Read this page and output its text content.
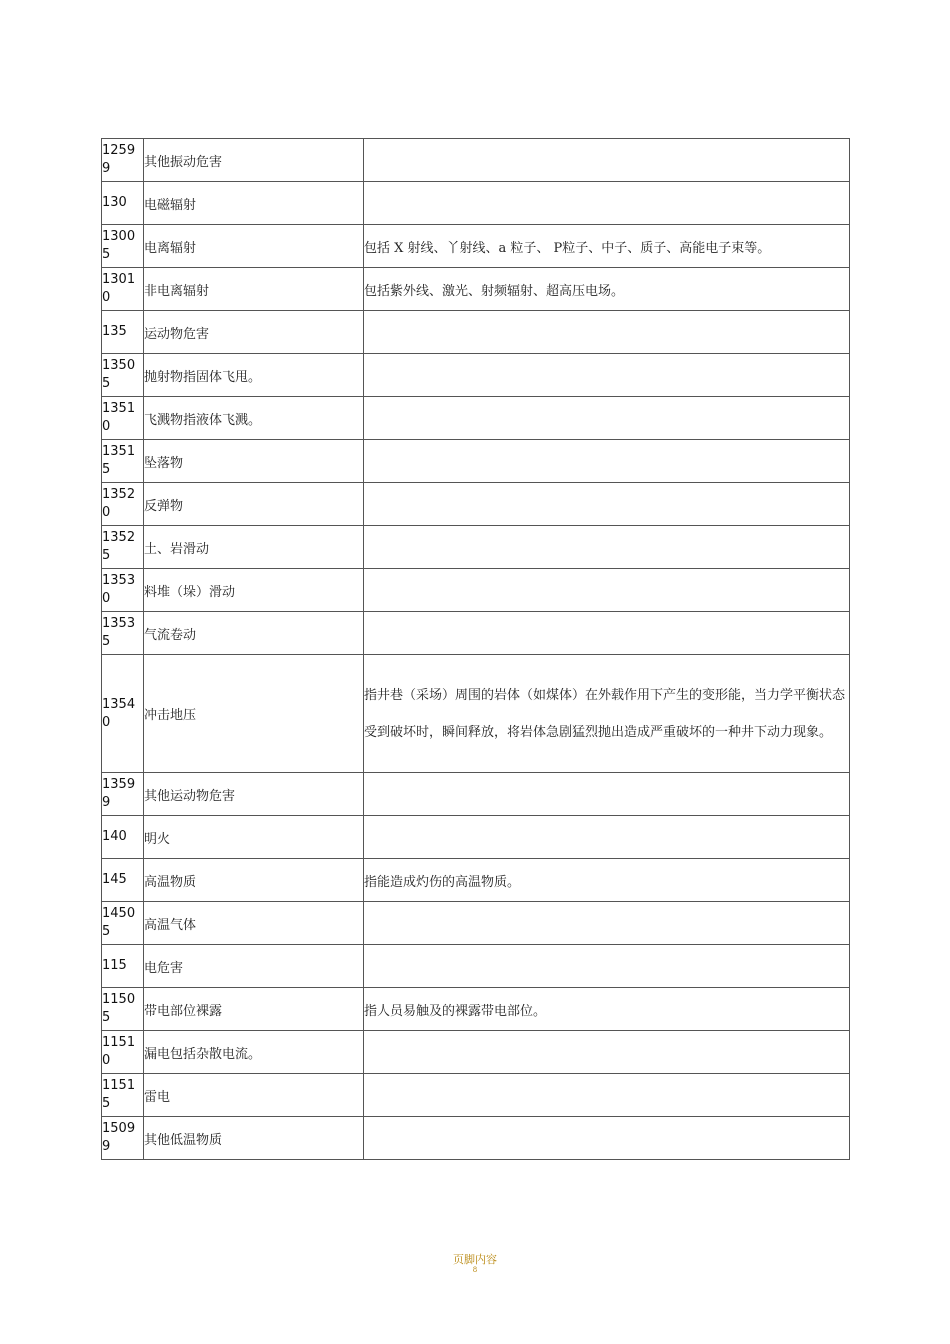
12599	其他振动危害	
130	电磁辐射	
13005	电离辐射	包括 X 射线、丫射线、a 粒子、 P粒子、中子、质子、高能电子束等。
13010	非电离辐射	包括紫外线、激光、射频辐射、超高压电场。
135	运动物危害	
13505	抛射物指固体飞甩。	
13510	飞溅物指液体飞溅。	
13515	坠落物	
13520	反弹物	
13525	土、岩滑动	
13530	料堆（垛）滑动	
13535	气流卷动	
13540	冲击地压	指井巷（采场）周围的岩体（如煤体）在外载作用下产生的变形能，当力学平衡状态受到破坏时，瞬间释放，将岩体急剧猛烈抛出造成严重破坏的一种井下动力现象。
13599	其他运动物危害	
140	明火	
145	高温物质	指能造成灼伤的高温物质。
14505	高温气体	
115	电危害	
11505	带电部位裸露	指人员易触及的裸露带电部位。
11510	漏电包括杂散电流。	
11515	雷电	
15099	其他低温物质	
页脚内容
8
